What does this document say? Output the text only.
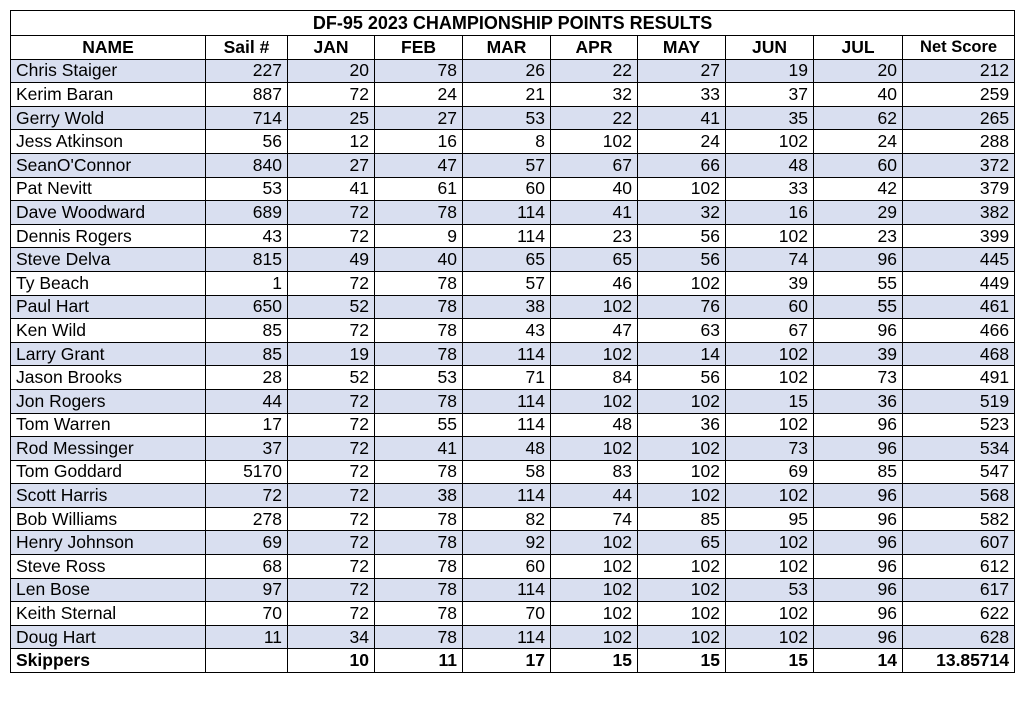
DF-95 2023 CHAMPIONSHIP POINTS RESULTS									
NAME	Sail #	JAN	FEB	MAR	APR	MAY	JUN	JUL	Net Score
Chris Staiger	227	20	78	26	22	27	19	20	212
Kerim Baran	887	72	24	21	32	33	37	40	259
Gerry Wold	714	25	27	53	22	41	35	62	265
Jess Atkinson	56	12	16	8	102	24	102	24	288
SeanO'Connor	840	27	47	57	67	66	48	60	372
Pat Nevitt	53	41	61	60	40	102	33	42	379
Dave Woodward	689	72	78	114	41	32	16	29	382
Dennis Rogers	43	72	9	114	23	56	102	23	399
Steve Delva	815	49	40	65	65	56	74	96	445
Ty Beach	1	72	78	57	46	102	39	55	449
Paul Hart	650	52	78	38	102	76	60	55	461
Ken Wild	85	72	78	43	47	63	67	96	466
Larry Grant	85	19	78	114	102	14	102	39	468
Jason Brooks	28	52	53	71	84	56	102	73	491
Jon Rogers	44	72	78	114	102	102	15	36	519
Tom Warren	17	72	55	114	48	36	102	96	523
Rod Messinger	37	72	41	48	102	102	73	96	534
Tom Goddard	5170	72	78	58	83	102	69	85	547
Scott Harris	72	72	38	114	44	102	102	96	568
Bob Williams	278	72	78	82	74	85	95	96	582
Henry Johnson	69	72	78	92	102	65	102	96	607
Steve Ross	68	72	78	60	102	102	102	96	612
Len Bose	97	72	78	114	102	102	53	96	617
Keith Sternal	70	72	78	70	102	102	102	96	622
Doug Hart	11	34	78	114	102	102	102	96	628
Skippers		10	11	17	15	15	15	14	13.85714
